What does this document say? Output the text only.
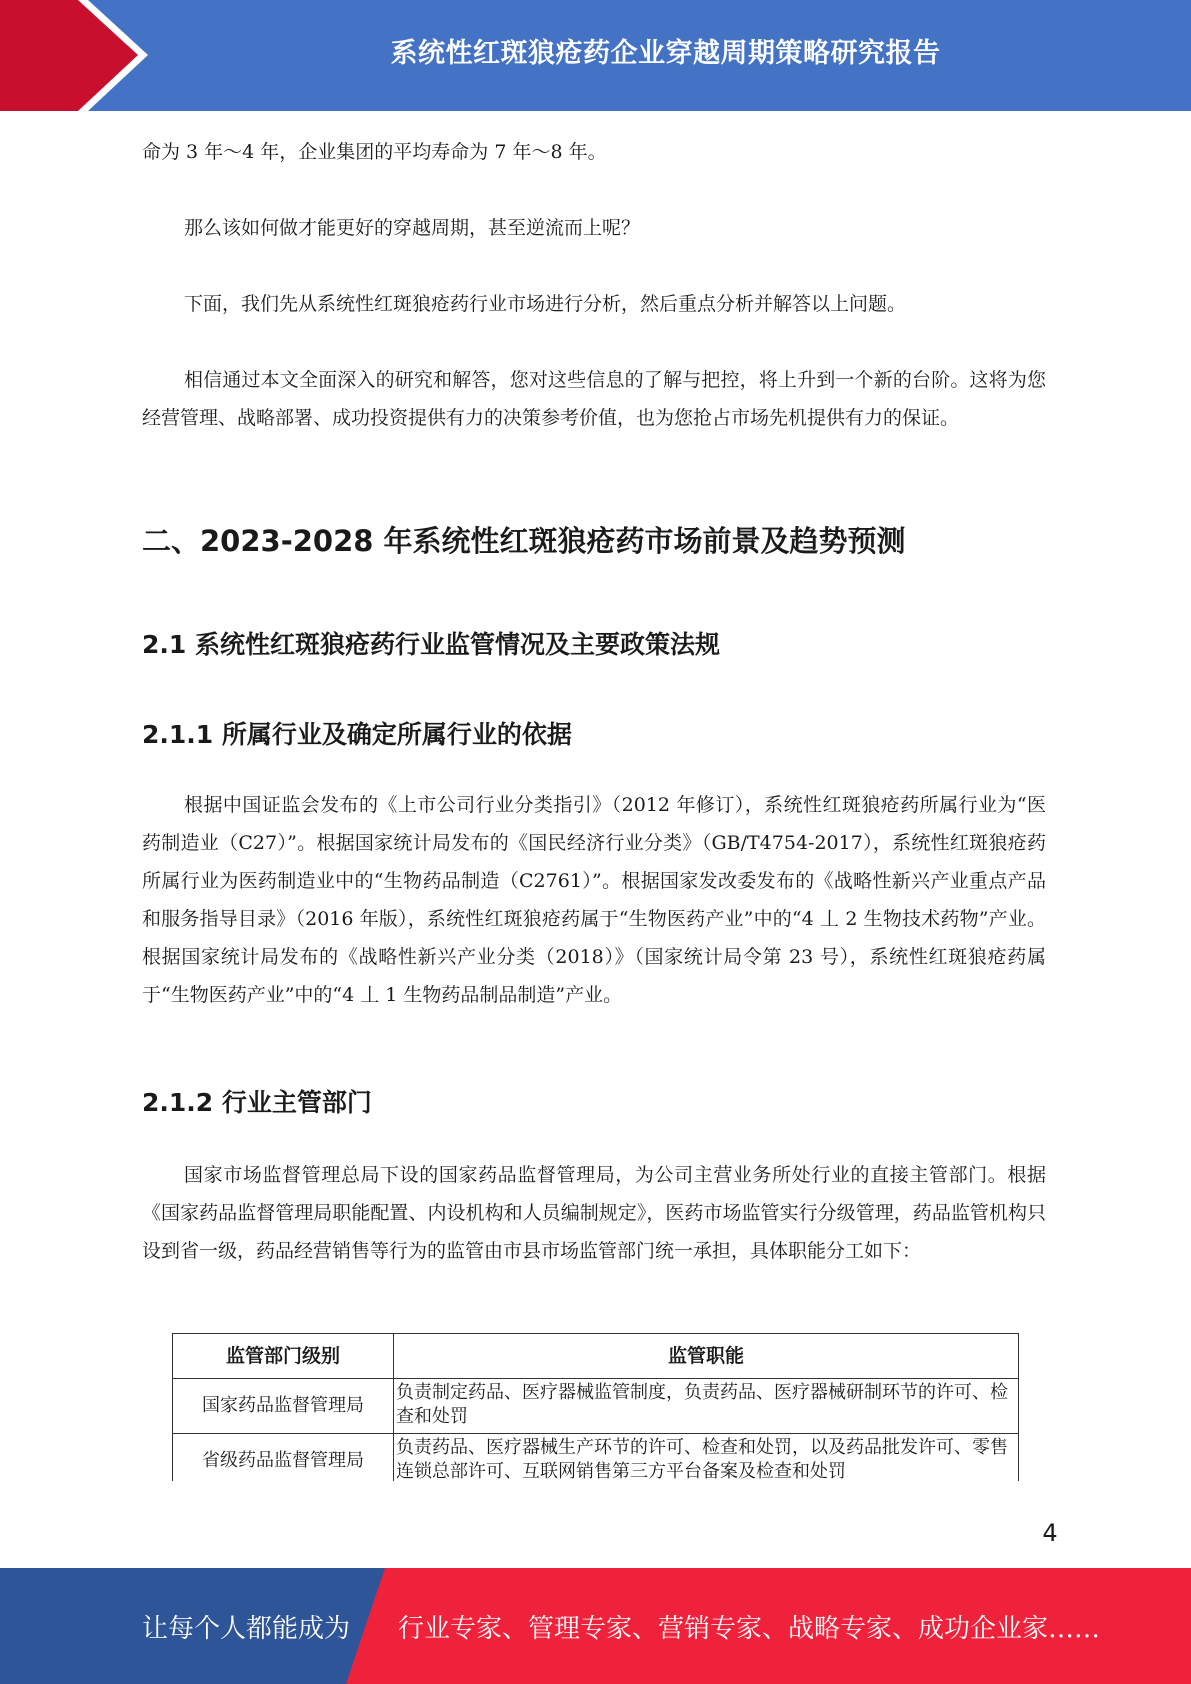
系统性红斑狼疮药企业穿越周期策略研究报告

命为 3 年～4 年，企业集团的平均寿命为 7 年～8 年。

那么该如何做才能更好的穿越周期，甚至逆流而上呢？

下面，我们先从系统性红斑狼疮药行业市场进行分析，然后重点分析并解答以上问题。

相信通过本文全面深入的研究和解答，您对这些信息的了解与把控，将上升到一个新的台阶。这将为您经营管理、战略部署、成功投资提供有力的决策参考价值，也为您抢占市场先机提供有力的保证。

二、2023-2028 年系统性红斑狼疮药市场前景及趋势预测
2.1 系统性红斑狼疮药行业监管情况及主要政策法规
2.1.1 所属行业及确定所属行业的依据

根据中国证监会发布的《上市公司行业分类指引》（2012 年修订），系统性红斑狼疮药所属行业为“医药制造业（C27）”。根据国家统计局发布的《国民经济行业分类》（GB/T4754-2017），系统性红斑狼疮药所属行业为医药制造业中的“生物药品制造（C2761）”。根据国家发改委发布的《战略性新兴产业重点产品和服务指导目录》（2016 年版），系统性红斑狼疮药属于“生物医药产业”中的“4 丄 2 生物技术药物”产业。根据国家统计局发布的《战略性新兴产业分类（2018）》（国家统计局令第 23 号），系统性红斑狼疮药属于“生物医药产业”中的“4 丄 1 生物药品制品制造”产业。

2.1.2 行业主管部门

国家市场监督管理总局下设的国家药品监督管理局，为公司主营业务所处行业的直接主管部门。根据《国家药品监督管理局职能配置、内设机构和人员编制规定》，医药市场监管实行分级管理，药品监管机构只设到省一级，药品经营销售等行为的监管由市县市场监管部门统一承担，具体职能分工如下：

监管部门级别	监管职能
国家药品监督管理局	负责制定药品、医疗器械监管制度，负责药品、医疗器械研制环节的许可、检查和处罚
省级药品监督管理局	负责药品、医疗器械生产环节的许可、检查和处罚，以及药品批发许可、零售连锁总部许可、互联网销售第三方平台备案及检查和处罚
4
让每个人都能成为 行业专家、管理专家、营销专家、战略专家、成功企业家……
